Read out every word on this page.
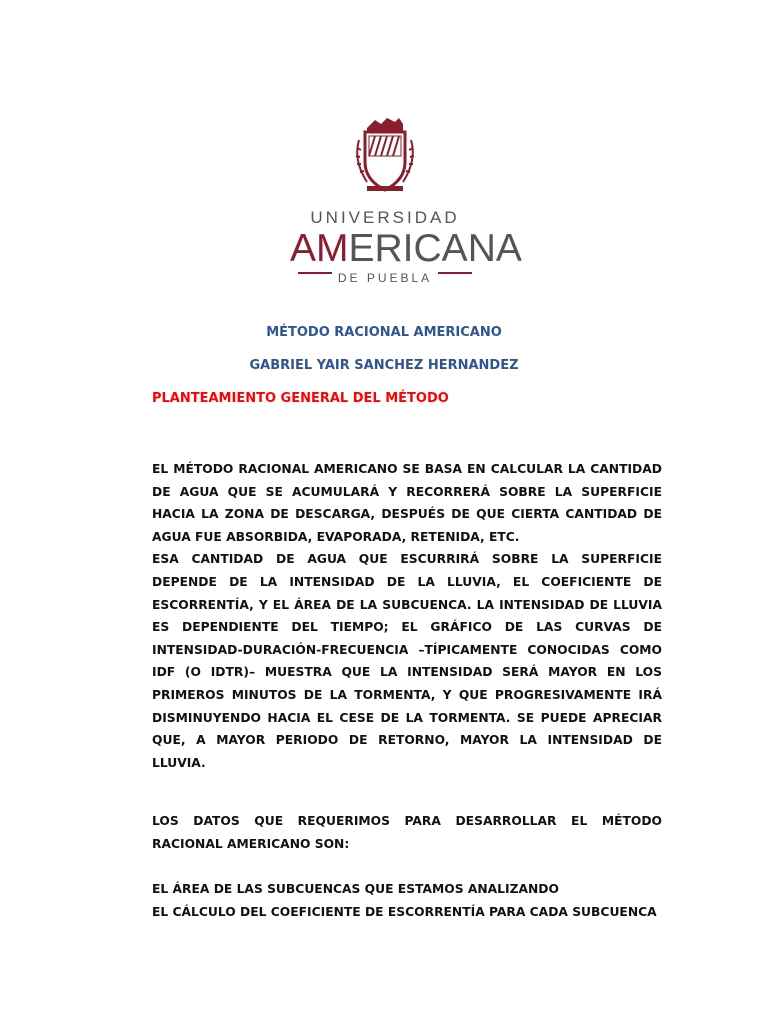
UNIVERSIDAD
AMERICANA
DE PUEBLA
MÉTODO RACIONAL AMERICANO
GABRIEL YAIR SANCHEZ HERNANDEZ
PLANTEAMIENTO GENERAL DEL MÉTODO
EL MÉTODO RACIONAL AMERICANO SE BASA EN CALCULAR LA CANTIDAD DE AGUA QUE SE ACUMULARÁ Y RECORRERÁ SOBRE LA SUPERFICIE HACIA LA ZONA DE DESCARGA, DESPUÉS DE QUE CIERTA CANTIDAD DE AGUA FUE ABSORBIDA, EVAPORADA, RETENIDA, ETC.
ESA CANTIDAD DE AGUA QUE ESCURRIRÁ SOBRE LA SUPERFICIE DEPENDE DE LA INTENSIDAD DE LA LLUVIA, EL COEFICIENTE DE ESCORRENTÍA, Y EL ÁREA DE LA SUBCUENCA. LA INTENSIDAD DE LLUVIA ES DEPENDIENTE DEL TIEMPO; EL GRÁFICO DE LAS CURVAS DE INTENSIDAD-DURACIÓN-FRECUENCIA –TÍPICAMENTE CONOCIDAS COMO IDF (O IDTR)– MUESTRA QUE LA INTENSIDAD SERÁ MAYOR EN LOS PRIMEROS MINUTOS DE LA TORMENTA, Y QUE PROGRESIVAMENTE IRÁ DISMINUYENDO HACIA EL CESE DE LA TORMENTA. SE PUEDE APRECIAR QUE, A MAYOR PERIODO DE RETORNO, MAYOR LA INTENSIDAD DE LLUVIA.
LOS DATOS QUE REQUERIMOS PARA DESARROLLAR EL MÉTODO RACIONAL AMERICANO SON:
EL ÁREA DE LAS SUBCUENCAS QUE ESTAMOS ANALIZANDO
EL CÁLCULO DEL COEFICIENTE DE ESCORRENTÍA PARA CADA SUBCUENCA
